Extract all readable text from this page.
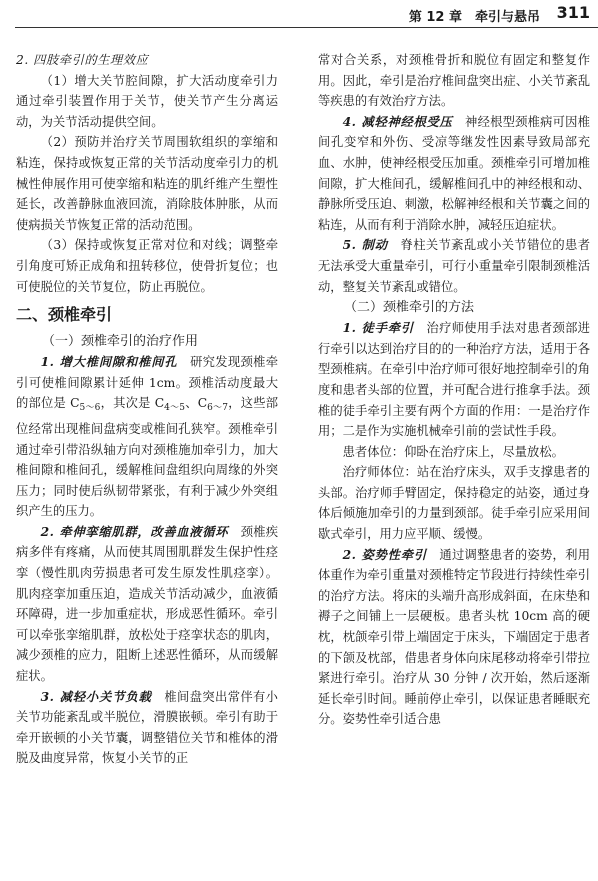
第 12 章　牵引与悬吊 311

2. 四肢牵引的生理效应

（1）增大关节腔间隙，扩大活动度牵引力通过牵引装置作用于关节，使关节产生分离运动，为关节活动提供空间。

（2）预防并治疗关节周围软组织的挛缩和粘连，保持或恢复正常的关节活动度牵引力的机械性伸展作用可使挛缩和粘连的肌纤维产生塑性延长，改善静脉血液回流，消除肢体肿胀，从而使病损关节恢复正常的活动范围。

（3）保持或恢复正常对位和对线；调整牵引角度可矫正成角和扭转移位，使骨折复位；也可使脱位的关节复位，防止再脱位。

二、颈椎牵引
（一）颈椎牵引的治疗作用

1. 增大椎间隙和椎间孔　研究发现颈椎牵引可使椎间隙累计延伸 1cm。颈椎活动度最大的部位是 $C_{5\sim 6}$，其次是 $C_{4\sim 5}$、$C_{6\sim 7}$，这些部位经常出现椎间盘病变或椎间孔狭窄。颈椎牵引通过牵引带沿纵轴方向对颈椎施加牵引力，加大椎间隙和椎间孔，缓解椎间盘组织向周缘的外突压力；同时使后纵韧带紧张，有利于减少外突组织产生的压力。

2. 牵伸挛缩肌群，改善血液循环　颈椎疾病多伴有疼痛，从而使其周围肌群发生保护性痉挛（慢性肌肉劳损患者可发生原发性肌痉挛）。肌肉痉挛加重压迫，造成关节活动减少，血液循环障碍，进一步加重症状，形成恶性循环。牵引可以牵张挛缩肌群，放松处于痉挛状态的肌肉，减少颈椎的应力，阻断上述恶性循环，从而缓解症状。

3. 减轻小关节负载　椎间盘突出常伴有小关节功能紊乱或半脱位，滑膜嵌顿。牵引有助于牵开嵌顿的小关节囊，调整错位关节和椎体的滑脱及曲度异常，恢复小关节的正

常对合关系，对颈椎骨折和脱位有固定和整复作用。因此，牵引是治疗椎间盘突出症、小关节紊乱等疾患的有效治疗方法。

4. 减轻神经根受压　神经根型颈椎病可因椎间孔变窄和外伤、受凉等继发性因素导致局部充血、水肿，使神经根受压加重。颈椎牵引可增加椎间隙，扩大椎间孔，缓解椎间孔中的神经根和动、静脉所受压迫、刺激，松解神经根和关节囊之间的粘连，从而有利于消除水肿，减轻压迫症状。

5. 制动　脊柱关节紊乱或小关节错位的患者无法承受大重量牵引，可行小重量牵引限制颈椎活动，整复关节紊乱或错位。

（二）颈椎牵引的方法

1. 徒手牵引　治疗师使用手法对患者颈部进行牵引以达到治疗目的的一种治疗方法，适用于各型颈椎病。在牵引中治疗师可很好地控制牵引的角度和患者头部的位置，并可配合进行推拿手法。颈椎的徒手牵引主要有两个方面的作用：一是治疗作用；二是作为实施机械牵引前的尝试性手段。

患者体位：仰卧在治疗床上，尽量放松。

治疗师体位：站在治疗床头，双手支撑患者的头部。治疗师手臂固定，保持稳定的站姿，通过身体后倾施加牵引的力量到颈部。徒手牵引应采用间歇式牵引，用力应平顺、缓慢。

2. 姿势性牵引　通过调整患者的姿势，利用体重作为牵引重量对颈椎特定节段进行持续性牵引的治疗方法。将床的头端升高形成斜面，在床垫和褥子之间铺上一层硬板。患者头枕 10cm 高的硬枕，枕颌牵引带上端固定于床头，下端固定于患者的下颌及枕部，借患者身体向床尾移动将牵引带拉紧进行牵引。治疗从 30 分钟 / 次开始，然后逐渐延长牵引时间。睡前停止牵引，以保证患者睡眠充分。姿势性牵引适合患
